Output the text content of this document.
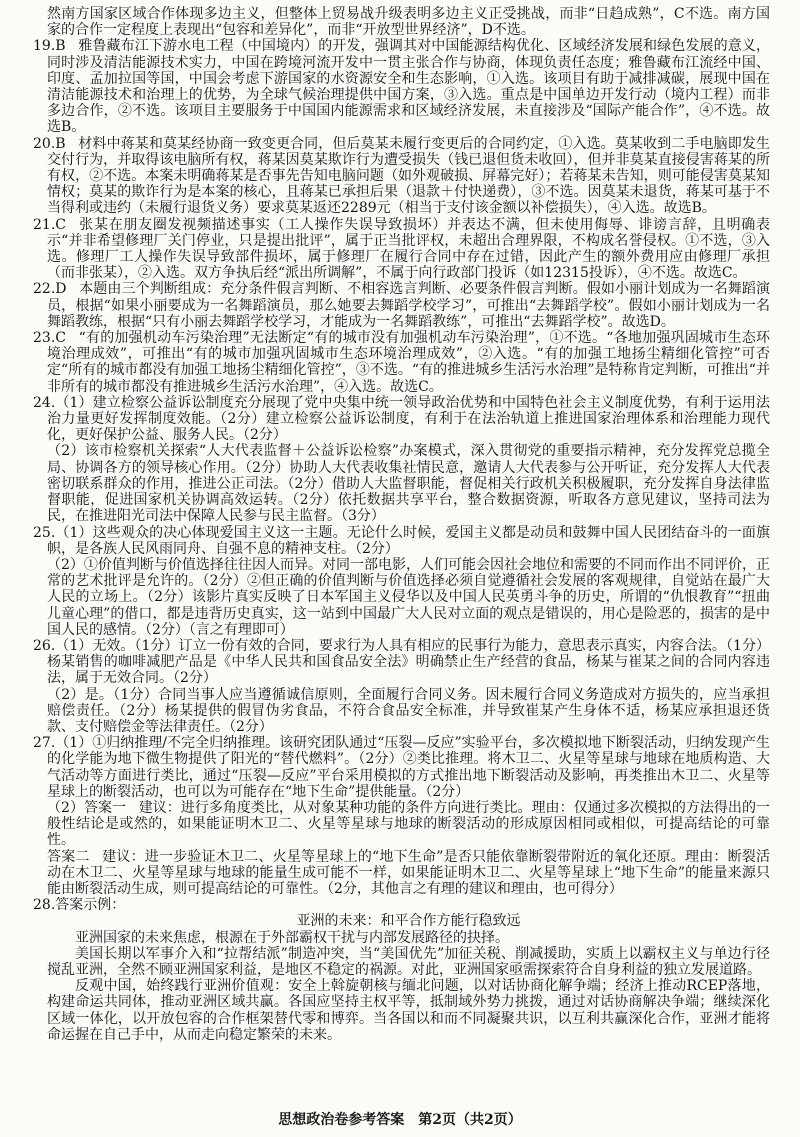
然南方国家区域合作体现多边主义，但整体上贸易战升级表明多边主义正受挑战，而非“日趋成熟”，C不选。南方国家的合作一定程度上表现出“包容和差异化”，而非“开放型世界经济”，D不选。

19.B 雅鲁藏布江下游水电工程（中国境内）的开发，强调其对中国能源结构优化、区域经济发展和绿色发展的意义，同时涉及清洁能源技术实力，中国在跨境河流开发中一贯主张合作与协商，体现负责任态度；雅鲁藏布江流经中国、印度、孟加拉国等国，中国会考虑下游国家的水资源安全和生态影响，①入选。该项目有助于减排减碳，展现中国在清洁能源技术和治理上的优势，为全球气候治理提供中国方案，③入选。重点是中国单边开发行动（境内工程）而非多边合作，②不选。该项目主要服务于中国国内能源需求和区域经济发展，未直接涉及“国际产能合作”，④不选。故选B。

20.B 材料中蒋某和莫某经协商一致变更合同，但后莫某未履行变更后的合同约定，①入选。莫某收到二手电脑即发生交付行为，并取得该电脑所有权，蒋某因莫某欺诈行为遭受损失（钱已退但货未收回），但并非莫某直接侵害蒋某的所有权，②不选。本案未明确蒋某是否事先告知电脑问题（如外观破损、屏幕完好）；若蒋某未告知，则可能侵害莫某知情权；莫某的欺诈行为是本案的核心，且蒋某已承担后果（退款＋付快递费），③不选。因莫某未退货，蒋某可基于不当得利或违约（未履行退货义务）要求莫某返还2289元（相当于支付该金额以补偿损失），④入选。故选B。

21.C 张某在朋友圈发视频描述事实（工人操作失误导致损坏）并表达不满，但未使用侮辱、诽谤言辞，且明确表示“并非希望修理厂关门停业，只是提出批评”，属于正当批评权，未超出合理界限，不构成名誉侵权。①不选，③入选。修理厂工人操作失误导致部件损坏，属于修理厂在履行合同中存在过错，因此产生的额外费用应由修理厂承担（而非张某），②入选。双方争执后经“派出所调解”，不属于向行政部门投诉（如12315投诉），④不选。故选C。

22.D 本题由三个判断组成：充分条件假言判断、不相容选言判断、必要条件假言判断。假如小丽计划成为一名舞蹈演员，根据“如果小丽要成为一名舞蹈演员，那么她要去舞蹈学校学习”，可推出“去舞蹈学校”。假如小丽计划成为一名舞蹈教练，根据“只有小丽去舞蹈学校学习，才能成为一名舞蹈教练”，可推出“去舞蹈学校”。故选D。

23.C “有的加强机动车污染治理”无法断定“有的城市没有加强机动车污染治理”，①不选。“各地加强巩固城市生态环境治理成效”，可推出“有的城市加强巩固城市生态环境治理成效”，②入选。“有的加强工地扬尘精细化管控”可否定“所有的城市都没有加强工地扬尘精细化管控”，③不选。“有的推进城乡生活污水治理”是特称肯定判断，可推出“并非所有的城市都没有推进城乡生活污水治理”，④入选。故选C。

24.（1）建立检察公益诉讼制度充分展现了党中央集中统一领导政治优势和中国特色社会主义制度优势，有利于运用法治力量更好发挥制度效能。（2分）建立检察公益诉讼制度，有利于在法治轨道上推进国家治理体系和治理能力现代化，更好保护公益、服务人民。（2分）

（2）该市检察机关探索“人大代表监督＋公益诉讼检察”办案模式，深入贯彻党的重要指示精神，充分发挥党总揽全局、协调各方的领导核心作用。（2分）协助人大代表收集社情民意，邀请人大代表参与公开听证，充分发挥人大代表密切联系群众的作用，推进公正司法。（2分）借助人大监督职能，督促相关行政机关积极履职，充分发挥自身法律监督职能，促进国家机关协调高效运转。（2分）依托数据共享平台，整合数据资源，听取各方意见建议，坚持司法为民，在推进阳光司法中保障人民参与民主监督。（3分）

25.（1）这些观众的决心体现爱国主义这一主题。无论什么时候，爱国主义都是动员和鼓舞中国人民团结奋斗的一面旗帜，是各族人民风雨同舟、自强不息的精神支柱。（2分）

（2）①价值判断与价值选择往往因人而异。对同一部电影，人们可能会因社会地位和需要的不同而作出不同评价，正常的艺术批评是允许的。（2分）②但正确的价值判断与价值选择必须自觉遵循社会发展的客观规律，自觉站在最广大人民的立场上。（2分）该影片真实反映了日本军国主义侵华以及中国人民英勇斗争的历史，所谓的“仇恨教育”“扭曲儿童心理”的借口，都是违背历史真实，这一站到中国最广大人民对立面的观点是错误的，用心是险恶的，损害的是中国人民的感情。（2分）（言之有理即可）

26.（1）无效。（1分）订立一份有效的合同，要求行为人具有相应的民事行为能力，意思表示真实，内容合法。（1分）杨某销售的咖啡减肥产品是《中华人民共和国食品安全法》明确禁止生产经营的食品，杨某与崔某之间的合同内容违法，属于无效合同。（2分）

（2）是。（1分）合同当事人应当遵循诚信原则，全面履行合同义务。因未履行合同义务造成对方损失的，应当承担赔偿责任。（2分）杨某提供的假冒伪劣食品，不符合食品安全标准，并导致崔某产生身体不适，杨某应承担退还货款、支付赔偿金等法律责任。（2分）

27.（1）①归纳推理/不完全归纳推理。该研究团队通过“压裂—反应”实验平台，多次模拟地下断裂活动，归纳发现产生的化学能为地下微生物提供了阳光的“替代燃料”。（2分）②类比推理。将木卫二、火星等星球与地球在地质构造、大气活动等方面进行类比，通过“压裂—反应”平台采用模拟的方式推出地下断裂活动及影响，再类推出木卫二、火星等星球上的断裂活动，也可以为可能存在“地下生命”提供能量。（2分）

（2）答案一 建议：进行多角度类比，从对象某种功能的条件方向进行类比。理由：仅通过多次模拟的方法得出的一般性结论是或然的，如果能证明木卫二、火星等星球与地球的断裂活动的形成原因相同或相似，可提高结论的可靠性。

答案二 建议：进一步验证木卫二、火星等星球上的“地下生命”是否只能依靠断裂带附近的氧化还原。理由：断裂活动在木卫二、火星等星球与地球的能量生成可能不一样，如果能证明木卫二、火星等星球上“地下生命”的能量来源只能由断裂活动生成，则可提高结论的可靠性。（2分，其他言之有理的建议和理由，也可得分）

28.答案示例：

亚洲的未来：和平合作方能行稳致远

亚洲国家的未来焦虑，根源在于外部霸权干扰与内部发展路径的抉择。

美国长期以军事介入和“拉帮结派”制造冲突，当“美国优先”加征关税、削减援助，实质上以霸权主义与单边行径搅乱亚洲，全然不顾亚洲国家利益，是地区不稳定的祸源。对此，亚洲国家亟需探索符合自身利益的独立发展道路。

反观中国，始终践行亚洲价值观：安全上斡旋朝核与缅北问题，以对话协商化解争端；经济上推动RCEP落地，构建命运共同体，推动亚洲区域共赢。各国应坚持主权平等，抵制域外势力挑拨，通过对话协商解决争端；继续深化区域一体化，以开放包容的合作框架替代零和博弈。当各国以和而不同凝聚共识，以互利共赢深化合作，亚洲才能将命运握在自己手中，从而走向稳定繁荣的未来。

思想政治卷参考答案 第2页（共2页）
